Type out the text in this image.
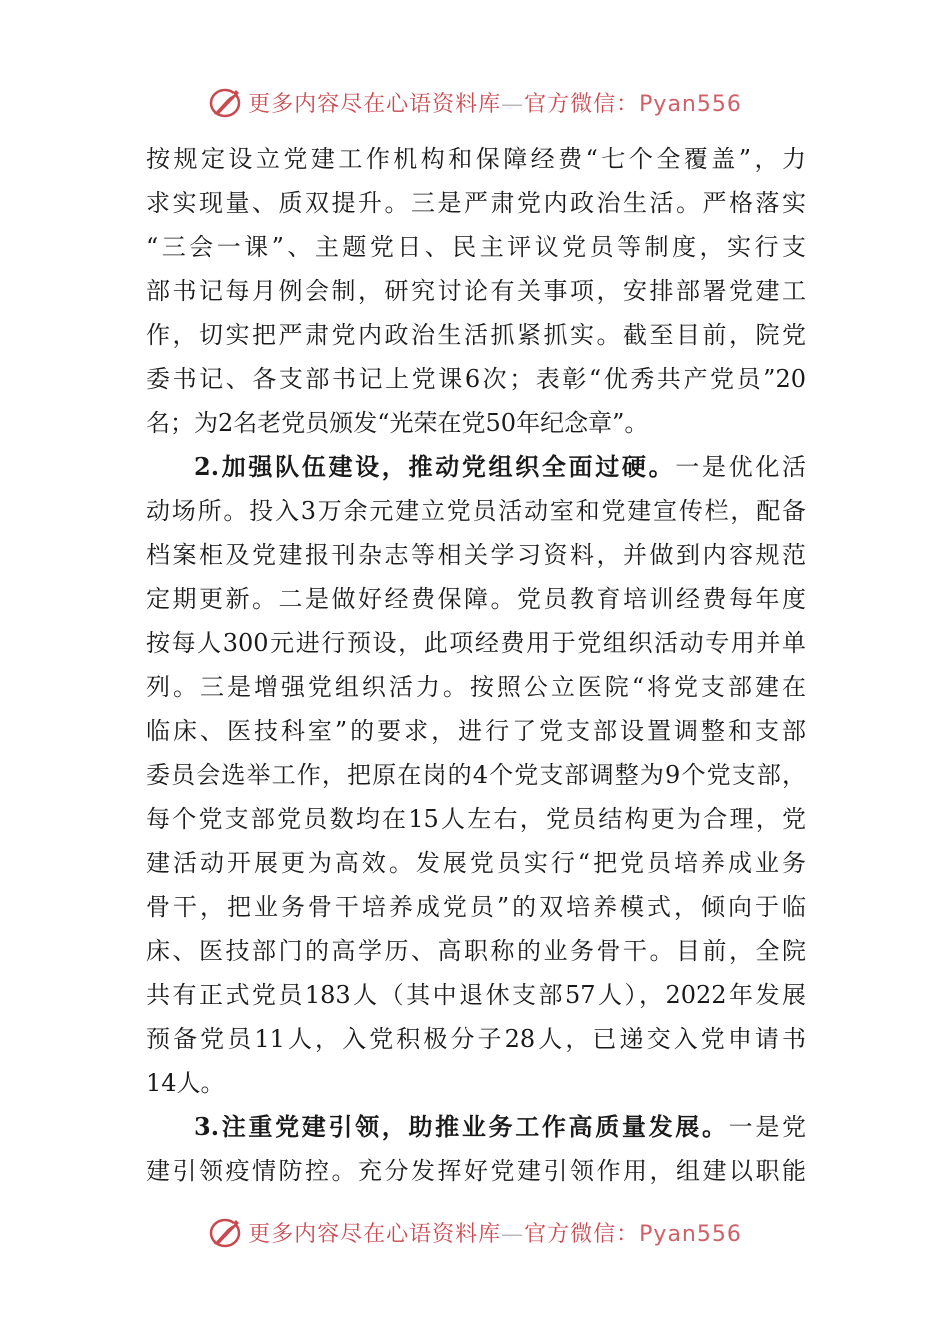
更多内容尽在心语资料库—官方微信：Pyan556
按规定设立党建工作机构和保障经费“七个全覆盖”，力
求实现量、质双提升。三是严肃党内政治生活。严格落实
“三会一课”、主题党日、民主评议党员等制度，实行支
部书记每月例会制，研究讨论有关事项，安排部署党建工
作，切实把严肃党内政治生活抓紧抓实。截至目前，院党
委书记、各支部书记上党课6次；表彰“优秀共产党员”20
名；为2名老党员颁发“光荣在党50年纪念章”。
2.加强队伍建设，推动党组织全面过硬。一是优化活
动场所。投入3万余元建立党员活动室和党建宣传栏，配备
档案柜及党建报刊杂志等相关学习资料，并做到内容规范
定期更新。二是做好经费保障。党员教育培训经费每年度
按每人300元进行预设，此项经费用于党组织活动专用并单
列。三是增强党组织活力。按照公立医院“将党支部建在
临床、医技科室”的要求，进行了党支部设置调整和支部
委员会选举工作，把原在岗的4个党支部调整为9个党支部，
每个党支部党员数均在15人左右，党员结构更为合理，党
建活动开展更为高效。发展党员实行“把党员培养成业务
骨干，把业务骨干培养成党员”的双培养模式，倾向于临
床、医技部门的高学历、高职称的业务骨干。目前，全院
共有正式党员183人（其中退休支部57人），2022年发展
预备党员11人，入党积极分子28人，已递交入党申请书
14人。
3.注重党建引领，助推业务工作高质量发展。一是党
建引领疫情防控。充分发挥好党建引领作用，组建以职能
更多内容尽在心语资料库—官方微信：Pyan556
